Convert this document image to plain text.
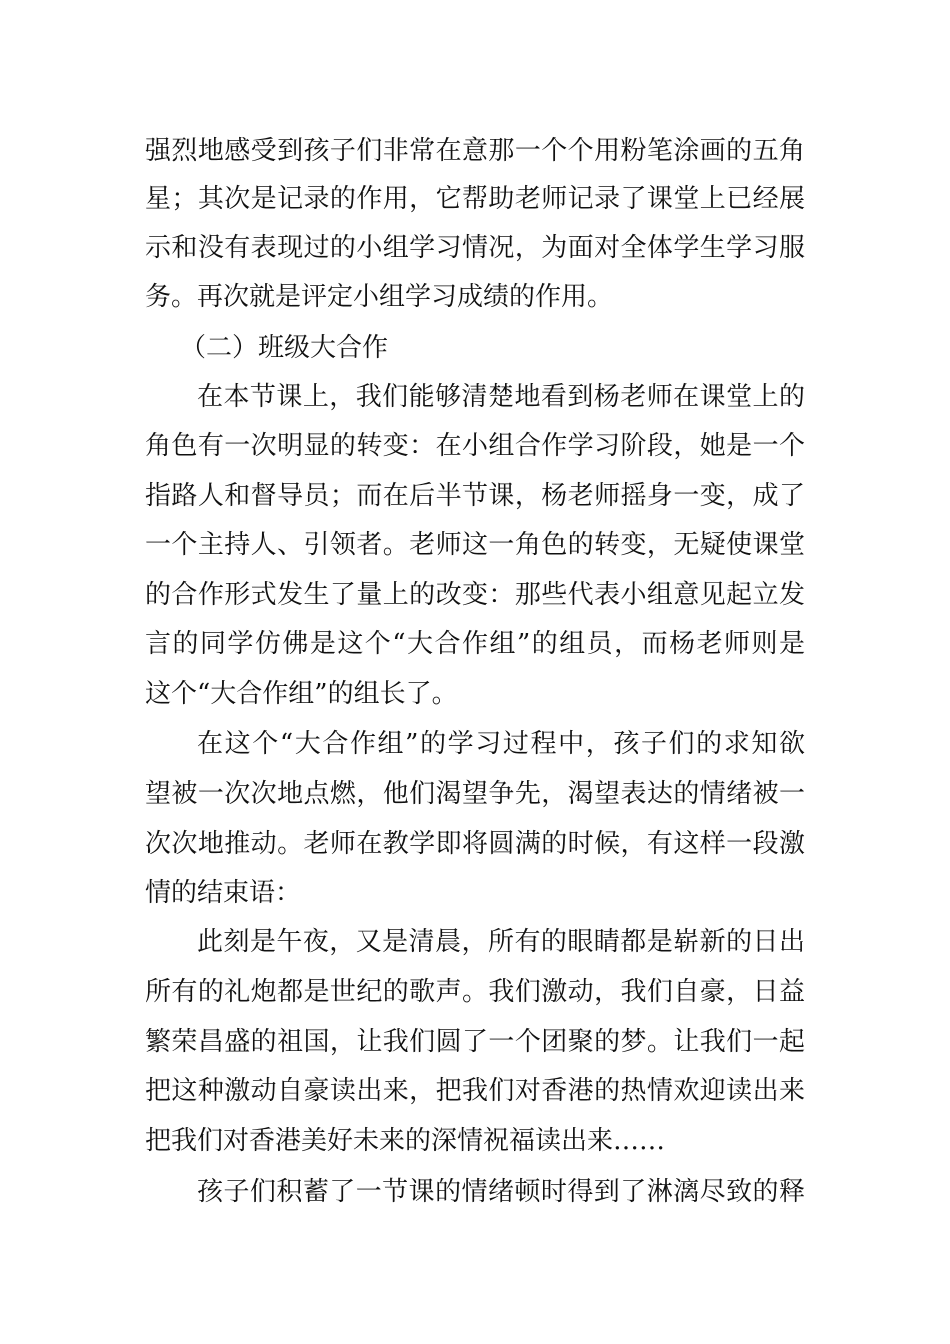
强烈地感受到孩子们非常在意那一个个用粉笔涂画的五角
星；其次是记录的作用，它帮助老师记录了课堂上已经展
示和没有表现过的小组学习情况，为面对全体学生学习服
务。再次就是评定小组学习成绩的作用。
（二）班级大合作
在本节课上，我们能够清楚地看到杨老师在课堂上的
角色有一次明显的转变：在小组合作学习阶段，她是一个
指路人和督导员；而在后半节课，杨老师摇身一变，成了
一个主持人、引领者。老师这一角色的转变，无疑使课堂
的合作形式发生了量上的改变：那些代表小组意见起立发
言的同学仿佛是这个“大合作组”的组员，而杨老师则是
这个“大合作组”的组长了。
在这个“大合作组”的学习过程中，孩子们的求知欲
望被一次次地点燃，他们渴望争先，渴望表达的情绪被一
次次地推动。老师在教学即将圆满的时候，有这样一段激
情的结束语：
此刻是午夜，又是清晨，所有的眼睛都是崭新的日出
所有的礼炮都是世纪的歌声。我们激动，我们自豪，日益
繁荣昌盛的祖国，让我们圆了一个团聚的梦。让我们一起
把这种激动自豪读出来，把我们对香港的热情欢迎读出来
把我们对香港美好未来的深情祝福读出来……
孩子们积蓄了一节课的情绪顿时得到了淋漓尽致的释
